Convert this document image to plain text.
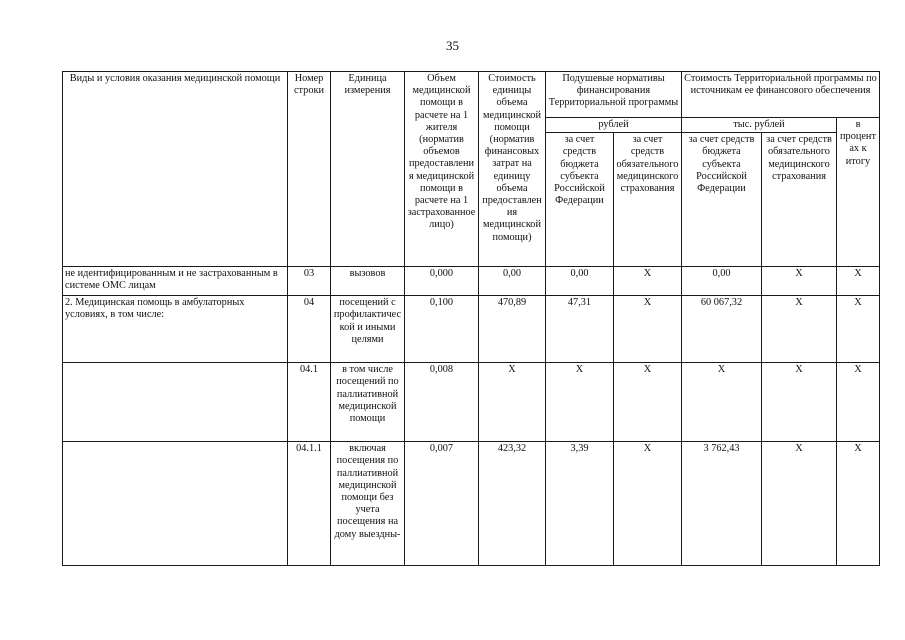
35
Виды и условия оказания медицинской помощи	Номер строки	Единица измерения	Объем медицинской помощи в расчете на 1 жителя (норматив объемов предоставления медицинской помощи в расчете на 1 застрахованное лицо)	Стоимость единицы объема медицинской помощи (норматив финансовых затрат на единицу объема предоставления медицинской помощи)	Подушевые нормативы финансирования Территориальной программы		Стоимость Территориальной программы по источникам ее финансового обеспечения		
					рублей		тыс. рублей		в процентах к итогу
					за счет средств бюджета субъекта Российской Федерации	за счет средств обязательного медицинского страхования	за счет средств бюджета субъекта Российской Федерации	за счет средств обязательного медицинского страхования	
не идентифицированным и не застрахованным в системе ОМС лицам	03	вызовов	0,000	0,00	0,00	X	0,00	X	X
2. Медицинская помощь в амбулаторных условиях, в том числе:	04	посещений с профилактической и иными целями	0,100	470,89	47,31	X	60 067,32	X	X
	04.1	в том числе посещений по паллиативной медицинской помощи	0,008	X	X	X	X	X	X
	04.1.1	включая посещения по паллиативной медицинской помощи без учета посещения на дому выездны-	0,007	423,32	3,39	X	3 762,43	X	X
